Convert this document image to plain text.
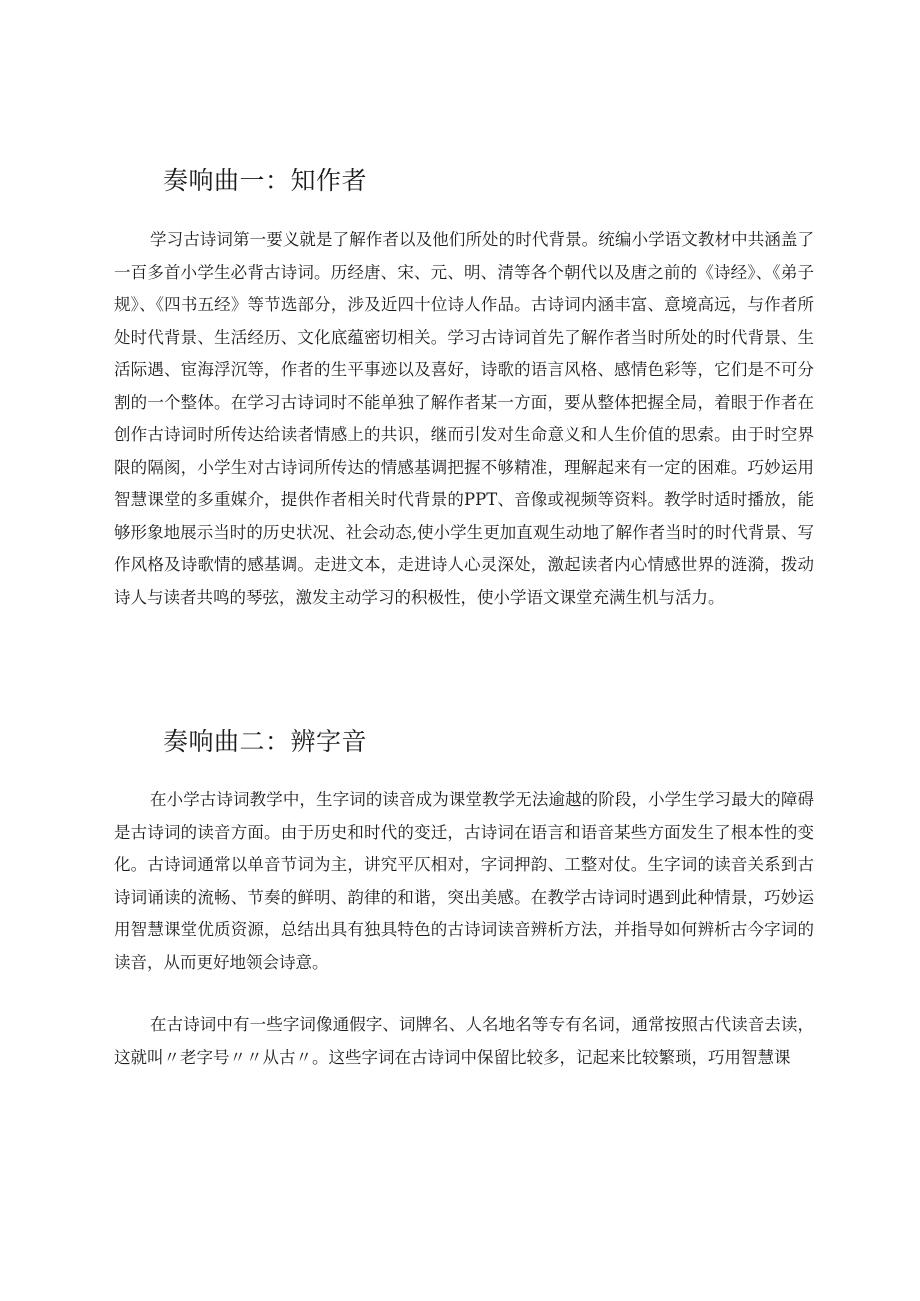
奏响曲一：知作者

学习古诗词第一要义就是了解作者以及他们所处的时代背景。统编小学语文教材中共涵盖了一百多首小学生必背古诗词。历经唐、宋、元、明、清等各个朝代以及唐之前的《诗经》、《弟子规》、《四书五经》等节选部分，涉及近四十位诗人作品。古诗词内涵丰富、意境高远，与作者所处时代背景、生活经历、文化底蕴密切相关。学习古诗词首先了解作者当时所处的时代背景、生活际遇、宦海浮沉等，作者的生平事迹以及喜好，诗歌的语言风格、感情色彩等，它们是不可分割的一个整体。在学习古诗词时不能单独了解作者某一方面，要从整体把握全局，着眼于作者在创作古诗词时所传达给读者情感上的共识，继而引发对生命意义和人生价值的思索。由于时空界限的隔阂，小学生对古诗词所传达的情感基调把握不够精准，理解起来有一定的困难。巧妙运用智慧课堂的多重媒介，提供作者相关时代背景的PPT、音像或视频等资料。教学时适时播放，能够形象地展示当时的历史状况、社会动态,使小学生更加直观生动地了解作者当时的时代背景、写作风格及诗歌情的感基调。走进文本，走进诗人心灵深处，激起读者内心情感世界的涟漪，拨动诗人与读者共鸣的琴弦，激发主动学习的积极性，使小学语文课堂充满生机与活力。

奏响曲二：辨字音

在小学古诗词教学中，生字词的读音成为课堂教学无法逾越的阶段，小学生学习最大的障碍是古诗词的读音方面。由于历史和时代的变迁，古诗词在语言和语音某些方面发生了根本性的变化。古诗词通常以单音节词为主，讲究平仄相对，字词押韵、工整对仗。生字词的读音关系到古诗词诵读的流畅、节奏的鲜明、韵律的和谐，突出美感。在教学古诗词时遇到此种情景，巧妙运用智慧课堂优质资源，总结出具有独具特色的古诗词读音辨析方法，并指导如何辨析古今字词的读音，从而更好地领会诗意。

在古诗词中有一些字词像通假字、词牌名、人名地名等专有名词，通常按照古代读音去读，这就叫〃老字号〃〃从古〃。这些字词在古诗词中保留比较多，记起来比较繁琐，巧用智慧课
